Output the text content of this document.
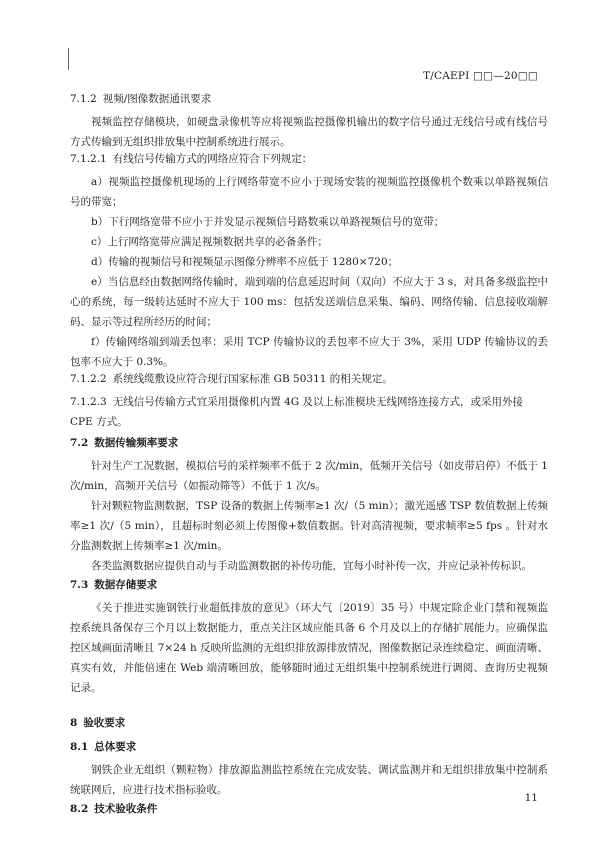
T/CAEPI □□—20□□
7.1.2 视频/图像数据通讯要求

视频监控存储模块，如硬盘录像机等应将视频监控摄像机输出的数字信号通过无线信号或有线信号方式传输到无组织排放集中控制系统进行展示。

7.1.2.1 有线信号传输方式的网络应符合下列规定：

a）视频监控摄像机现场的上行网络带宽不应小于现场安装的视频监控摄像机个数乘以单路视频信号的带宽；

b）下行网络宽带不应小于并发显示视频信号路数乘以单路视频信号的宽带；

c）上行网络宽带应满足视频数据共享的必备条件；

d）传输的视频信号和视频显示图像分辨率不应低于 1280×720；

e）当信息经由数据网络传输时，端到端的信息延迟时间（双向）不应大于 3 s，对具备多级监控中心的系统，每一级转达延时不应大于 100 ms：包括发送端信息采集、编码、网络传输、信息接收端解码、显示等过程所经历的时间；

f）传输网络端到端丢包率：采用 TCP 传输协议的丢包率不应大于 3%，采用 UDP 传输协议的丢包率不应大于 0.3%。

7.1.2.2 系统线缆敷设应符合现行国家标准 GB 50311 的相关规定。
7.1.2.3 无线信号传输方式宜采用摄像机内置 4G 及以上标准模块无线网络连接方式，或采用外接 CPE 方式。
7.2 数据传输频率要求

针对生产工况数据，模拟信号的采样频率不低于 2 次/min，低频开关信号（如皮带启停）不低于 1 次/min，高频开关信号（如振动筛等）不低于 1 次/s。

针对颗粒物监测数据，TSP 设备的数据上传频率≥1 次/（5 min）；激光遥感 TSP 数值数据上传频率≥1 次/（5 min），且超标时刻必须上传图像+数值数据。针对高清视频，要求帧率≥5 fps 。针对水分监测数据上传频率≥1 次/min。

各类监测数据应提供自动与手动监测数据的补传功能，宜每小时补传一次，并应记录补传标识。

7.3 数据存储要求

《关于推进实施钢铁行业超低排放的意见》（环大气〔2019〕35 号）中规定除企业门禁和视频监控系统具备保存三个月以上数据能力，重点关注区域应能具备 6 个月及以上的存储扩展能力。应确保监控区域画面清晰且 7×24 h 反映所监测的无组织排放源排放情况，图像数据记录连续稳定、画面清晰、真实有效，并能倍速在 Web 端清晰回放，能够随时通过无组织集中控制系统进行调阅、查询历史视频记录。

8 验收要求
8.1 总体要求

钢铁企业无组织（颗粒物）排放源监测监控系统在完成安装、调试监测并和无组织排放集中控制系统联网后，应进行技术指标验收。

8.2 技术验收条件
11
